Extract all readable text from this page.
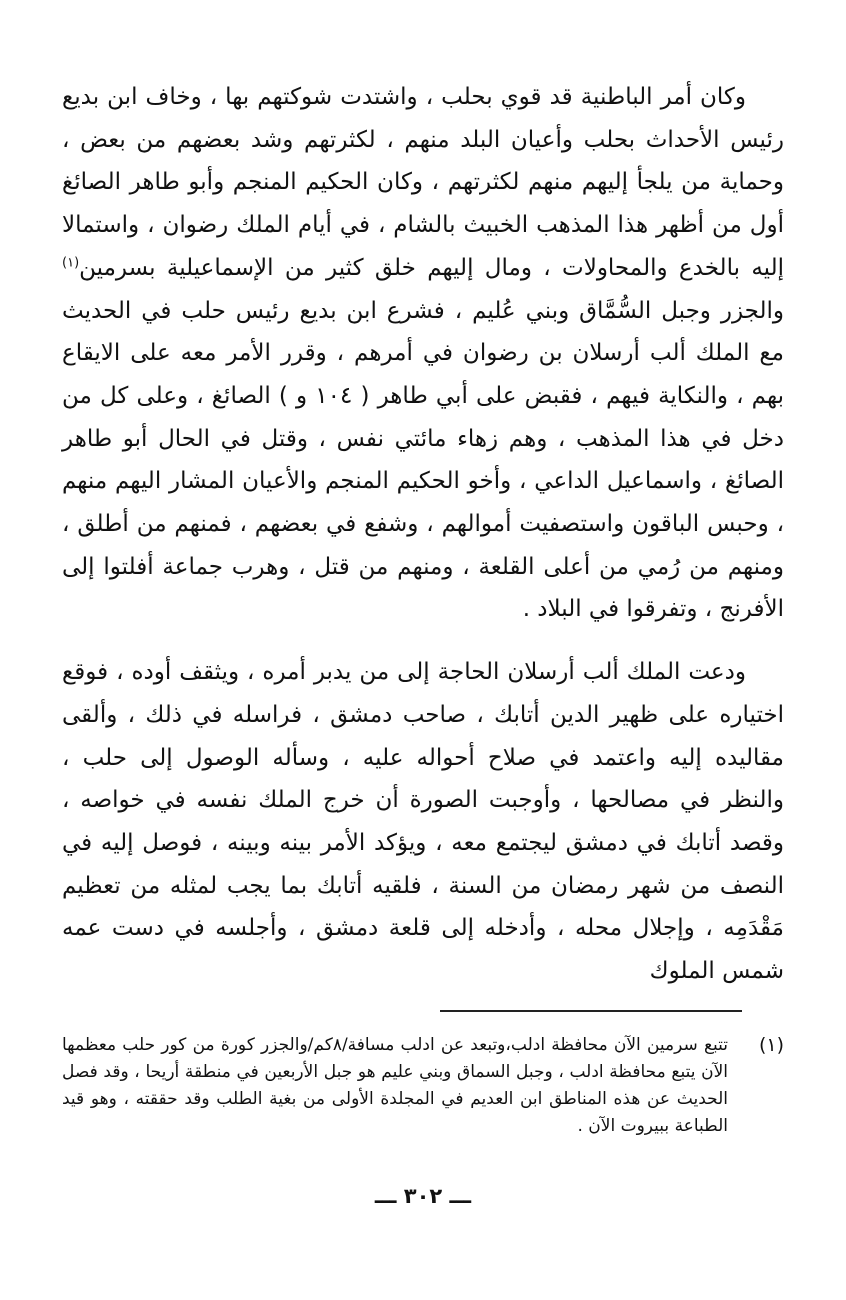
وكان أمر الباطنية قد قوي بحلب ، واشتدت شوكتهم بها ، وخاف ابن بديع رئيس الأحداث بحلب وأعيان البلد منهم ، لكثرتهم وشد بعضهم من بعض ، وحماية من يلجأ إليهم منهم لكثرتهم ، وكان الحكيم المنجم وأبو طاهر الصائغ أول من أظهر هذا المذهب الخبيث بالشام ، في أيام الملك رضوان ، واستمالا إليه بالخدع والمحاولات ، ومال إليهم خلق كثير من الإسماعيلية بسرمين$^{(١)}$ والجزر وجبل السُّمَّاق وبني عُليم ، فشرع ابن بديع رئيس حلب في الحديث مع الملك ألب أرسلان بن رضوان في أمرهم ، وقرر الأمر معه على الايقاع بهم ، والنكاية فيهم ، فقبض على أبي طاهر ( ١٠٤ و ) الصائغ ، وعلى كل من دخل في هذا المذهب ، وهم زهاء مائتي نفس ، وقتل في الحال أبو طاهر الصائغ ، واسماعيل الداعي ، وأخو الحكيم المنجم والأعيان المشار اليهم منهم ، وحبس الباقون واستصفيت أموالهم ، وشفع في بعضهم ، فمنهم من أطلق ، ومنهم من رُمي من أعلى القلعة ، ومنهم من قتل ، وهرب جماعة أفلتوا إلى الأفرنج ، وتفرقوا في البلاد .

ودعت الملك ألب أرسلان الحاجة إلى من يدبر أمره ، ويثقف أوده ، فوقع اختياره على ظهير الدين أتابك ، صاحب دمشق ، فراسله في ذلك ، وألقى مقاليده إليه واعتمد في صلاح أحواله عليه ، وسأله الوصول إلى حلب ، والنظر في مصالحها ، وأوجبت الصورة أن خرج الملك نفسه في خواصه ، وقصد أتابك في دمشق ليجتمع معه ، ويؤكد الأمر بينه وبينه ، فوصل إليه في النصف من شهر رمضان من السنة ، فلقيه أتابك بما يجب لمثله من تعظيم مَقْدَمِه ، وإجلال محله ، وأدخله إلى قلعة دمشق ، وأجلسه في دست عمه شمس الملوك

(١)
تتبع سرمين الآن محافظة ادلب،وتبعد عن ادلب مسافة/٨كم/والجزر كورة من كور حلب معظمها الآن يتبع محافظة ادلب ، وجبل السماق وبني عليم هو جبل الأربعين في منطقة أريحا ، وقد فصل الحديث عن هذه المناطق ابن العديم في المجلدة الأولى من بغية الطلب وقد حققته ، وهو قيد الطباعة ببيروت الآن .
ـــ ٣٠٢ ـــ
